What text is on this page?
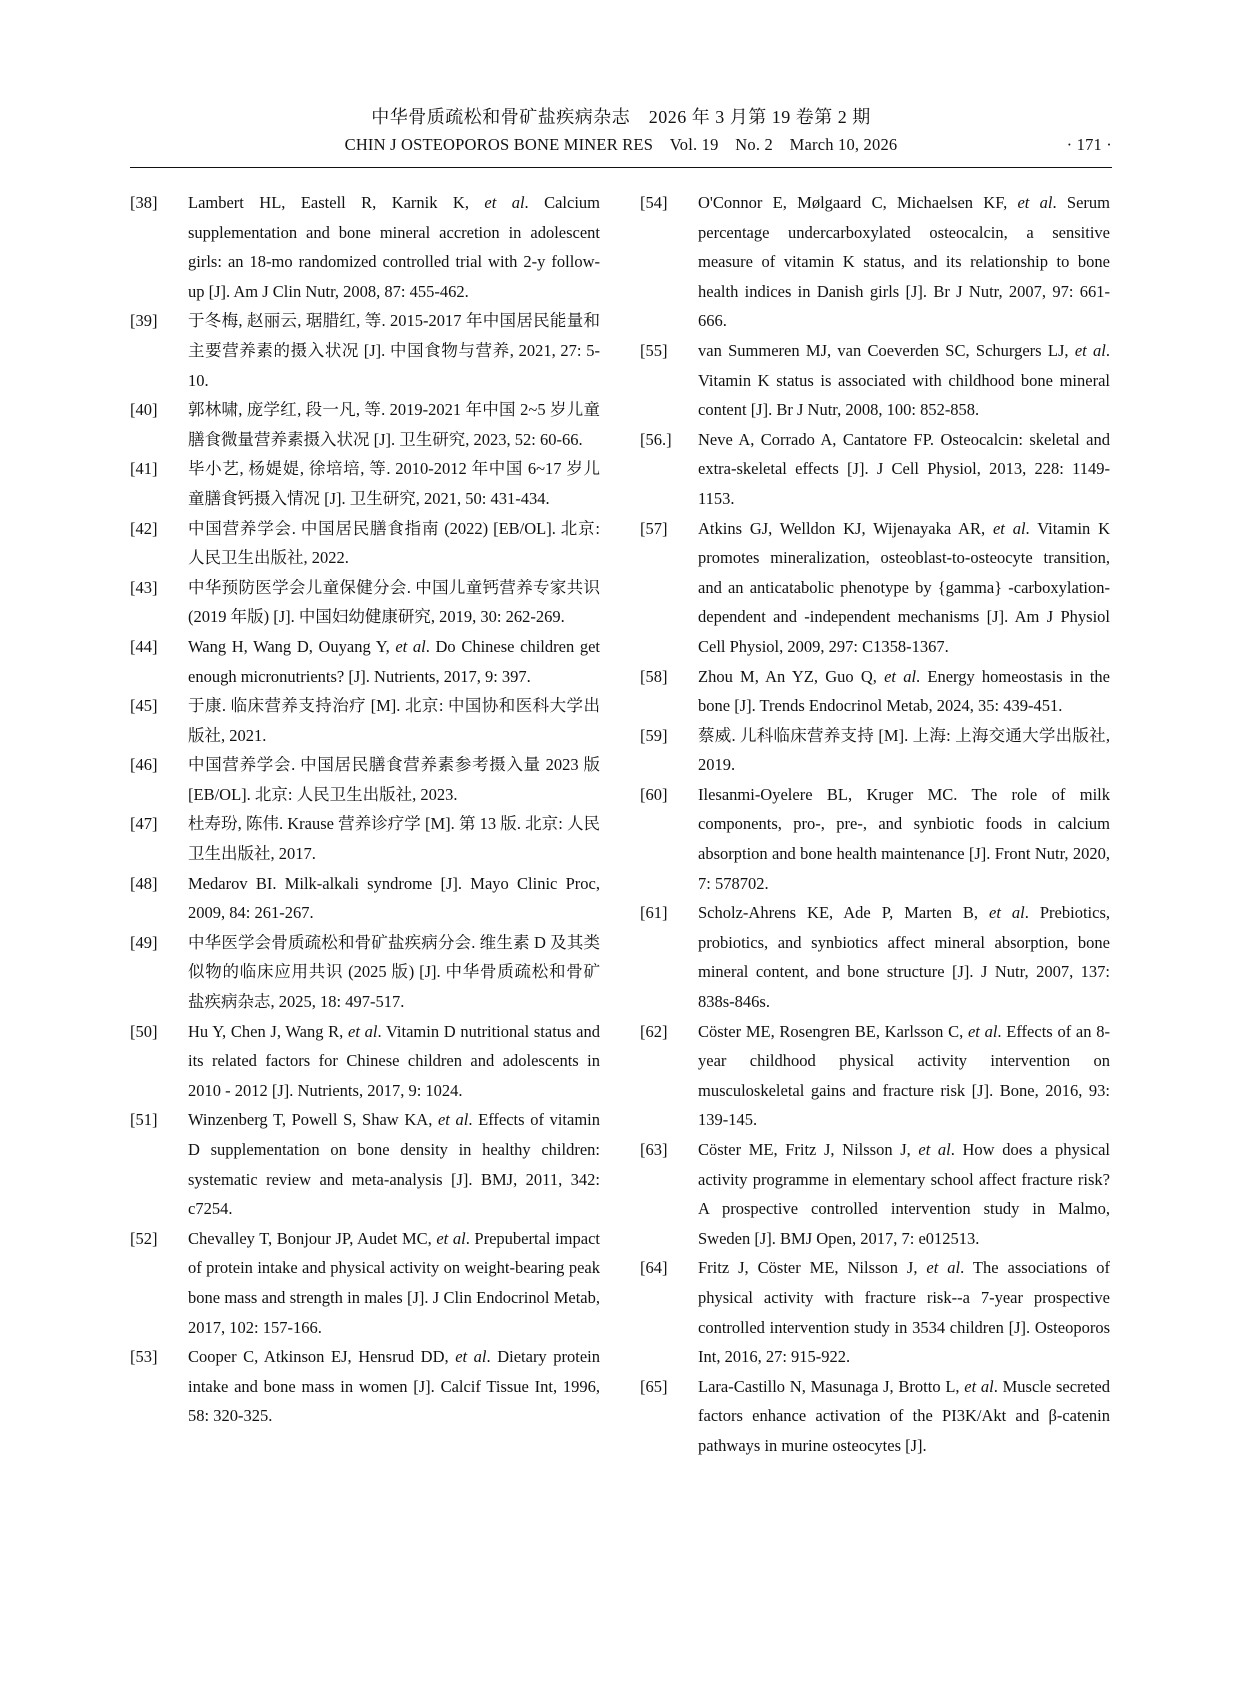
中华骨质疏松和骨矿盐疾病杂志　2026 年 3 月第 19 卷第 2 期
CHIN J OSTEOPOROS BONE MINER RES　Vol. 19　No. 2　March 10, 2026	· 171 ·
[38]	Lambert HL, Eastell R, Karnik K, et al. Calcium supplementation and bone mineral accretion in adolescent girls: an 18-mo randomized controlled trial with 2-y follow-up [J]. Am J Clin Nutr, 2008, 87: 455-462.
[39]	于冬梅, 赵丽云, 琚腊红, 等. 2015-2017 年中国居民能量和主要营养素的摄入状况 [J]. 中国食物与营养, 2021, 27: 5-10.
[40]	郭林啸, 庞学红, 段一凡, 等. 2019-2021 年中国 2~5 岁儿童膳食微量营养素摄入状况 [J]. 卫生研究, 2023, 52: 60-66.
[41]	毕小艺, 杨媞媞, 徐培培, 等. 2010-2012 年中国 6~17 岁儿童膳食钙摄入情况 [J]. 卫生研究, 2021, 50: 431-434.
[42]	中国营养学会. 中国居民膳食指南 (2022) [EB/OL]. 北京: 人民卫生出版社, 2022.
[43]	中华预防医学会儿童保健分会. 中国儿童钙营养专家共识 (2019 年版) [J]. 中国妇幼健康研究, 2019, 30: 262-269.
[44]	Wang H, Wang D, Ouyang Y, et al. Do Chinese children get enough micronutrients? [J]. Nutrients, 2017, 9: 397.
[45]	于康. 临床营养支持治疗 [M]. 北京: 中国协和医科大学出版社, 2021.
[46]	中国营养学会. 中国居民膳食营养素参考摄入量 2023 版 [EB/OL]. 北京: 人民卫生出版社, 2023.
[47]	杜寿玢, 陈伟. Krause 营养诊疗学 [M]. 第 13 版. 北京: 人民卫生出版社, 2017.
[48]	Medarov BI. Milk-alkali syndrome [J]. Mayo Clinic Proc, 2009, 84: 261-267.
[49]	中华医学会骨质疏松和骨矿盐疾病分会. 维生素 D 及其类似物的临床应用共识 (2025 版) [J]. 中华骨质疏松和骨矿盐疾病杂志, 2025, 18: 497-517.
[50]	Hu Y, Chen J, Wang R, et al. Vitamin D nutritional status and its related factors for Chinese children and adolescents in 2010 - 2012 [J]. Nutrients, 2017, 9: 1024.
[51]	Winzenberg T, Powell S, Shaw KA, et al. Effects of vitamin D supplementation on bone density in healthy children: systematic review and meta-analysis [J]. BMJ, 2011, 342: c7254.
[52]	Chevalley T, Bonjour JP, Audet MC, et al. Prepubertal impact of protein intake and physical activity on weight-bearing peak bone mass and strength in males [J]. J Clin Endocrinol Metab, 2017, 102: 157-166.
[53]	Cooper C, Atkinson EJ, Hensrud DD, et al. Dietary protein intake and bone mass in women [J]. Calcif Tissue Int, 1996, 58: 320-325.
[54]	O'Connor E, Mølgaard C, Michaelsen KF, et al. Serum percentage undercarboxylated osteocalcin, a sensitive measure of vitamin K status, and its relationship to bone health indices in Danish girls [J]. Br J Nutr, 2007, 97: 661-666.
[55]	van Summeren MJ, van Coeverden SC, Schurgers LJ, et al. Vitamin K status is associated with childhood bone mineral content [J]. Br J Nutr, 2008, 100: 852-858.
[56.]	Neve A, Corrado A, Cantatore FP. Osteocalcin: skeletal and extra-skeletal effects [J]. J Cell Physiol, 2013, 228: 1149-1153.
[57]	Atkins GJ, Welldon KJ, Wijenayaka AR, et al. Vitamin K promotes mineralization, osteoblast-to-osteocyte transition, and an anticatabolic phenotype by {gamma} -carboxylation-dependent and -independent mechanisms [J]. Am J Physiol Cell Physiol, 2009, 297: C1358-1367.
[58]	Zhou M, An YZ, Guo Q, et al. Energy homeostasis in the bone [J]. Trends Endocrinol Metab, 2024, 35: 439-451.
[59]	蔡威. 儿科临床营养支持 [M]. 上海: 上海交通大学出版社, 2019.
[60]	Ilesanmi-Oyelere BL, Kruger MC. The role of milk components, pro-, pre-, and synbiotic foods in calcium absorption and bone health maintenance [J]. Front Nutr, 2020, 7: 578702.
[61]	Scholz-Ahrens KE, Ade P, Marten B, et al. Prebiotics, probiotics, and synbiotics affect mineral absorption, bone mineral content, and bone structure [J]. J Nutr, 2007, 137: 838s-846s.
[62]	Cöster ME, Rosengren BE, Karlsson C, et al. Effects of an 8-year childhood physical activity intervention on musculoskeletal gains and fracture risk [J]. Bone, 2016, 93: 139-145.
[63]	Cöster ME, Fritz J, Nilsson J, et al. How does a physical activity programme in elementary school affect fracture risk? A prospective controlled intervention study in Malmo, Sweden [J]. BMJ Open, 2017, 7: e012513.
[64]	Fritz J, Cöster ME, Nilsson J, et al. The associations of physical activity with fracture risk--a 7-year prospective controlled intervention study in 3534 children [J]. Osteoporos Int, 2016, 27: 915-922.
[65]	Lara-Castillo N, Masunaga J, Brotto L, et al. Muscle secreted factors enhance activation of the PI3K/Akt and β-catenin pathways in murine osteocytes [J].
